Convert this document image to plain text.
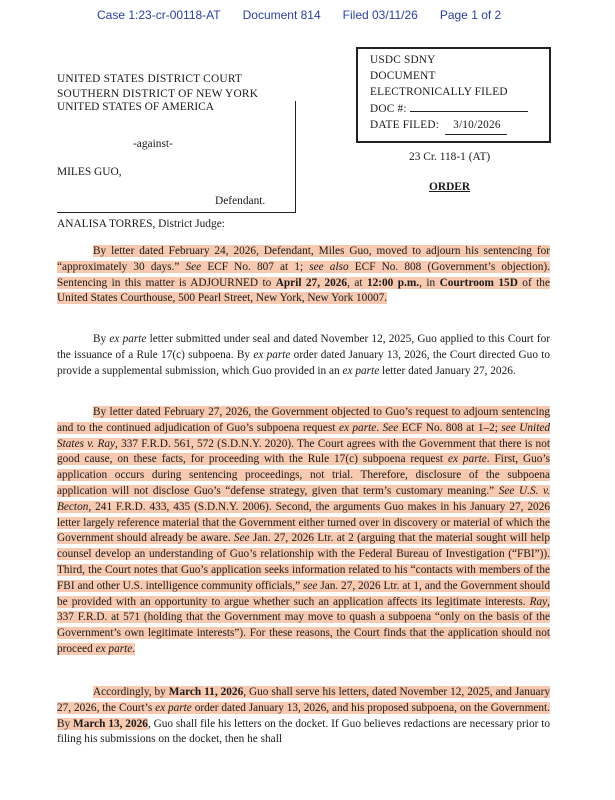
Case 1:23-cr-00118-AT Document 814 Filed 03/11/26 Page 1 of 2
USDC SDNY
DOCUMENT
ELECTRONICALLY FILED
DOC #:
DATE FILED: 3/10/2026
UNITED STATES DISTRICT COURT
SOUTHERN DISTRICT OF NEW YORK
UNITED STATES OF AMERICA
-against-
MILES GUO,
Defendant.
23 Cr. 118-1 (AT)
ORDER
ANALISA TORRES, District Judge:
By letter dated February 24, 2026, Defendant, Miles Guo, moved to adjourn his sentencing for “approximately 30 days.” See ECF No. 807 at 1; see also ECF No. 808 (Government’s objection). Sentencing in this matter is ADJOURNED to April 27, 2026, at 12:00 p.m., in Courtroom 15D of the United States Courthouse, 500 Pearl Street, New York, New York 10007.
By ex parte letter submitted under seal and dated November 12, 2025, Guo applied to this Court for the issuance of a Rule 17(c) subpoena. By ex parte order dated January 13, 2026, the Court directed Guo to provide a supplemental submission, which Guo provided in an ex parte letter dated January 27, 2026.
By letter dated February 27, 2026, the Government objected to Guo’s request to adjourn sentencing and to the continued adjudication of Guo’s subpoena request ex parte. See ECF No. 808 at 1–2; see United States v. Ray, 337 F.R.D. 561, 572 (S.D.N.Y. 2020). The Court agrees with the Government that there is not good cause, on these facts, for proceeding with the Rule 17(c) subpoena request ex parte. First, Guo’s application occurs during sentencing proceedings, not trial. Therefore, disclosure of the subpoena application will not disclose Guo’s “defense strategy, given that term’s customary meaning.” See U.S. v. Becton, 241 F.R.D. 433, 435 (S.D.N.Y. 2006). Second, the arguments Guo makes in his January 27, 2026 letter largely reference material that the Government either turned over in discovery or material of which the Government should already be aware. See Jan. 27, 2026 Ltr. at 2 (arguing that the material sought will help counsel develop an understanding of Guo’s relationship with the Federal Bureau of Investigation (“FBI”)). Third, the Court notes that Guo’s application seeks information related to his “contacts with members of the FBI and other U.S. intelligence community officials,” see Jan. 27, 2026 Ltr. at 1, and the Government should be provided with an opportunity to argue whether such an application affects its legitimate interests. Ray, 337 F.R.D. at 571 (holding that the Government may move to quash a subpoena “only on the basis of the Government’s own legitimate interests”). For these reasons, the Court finds that the application should not proceed ex parte.
Accordingly, by March 11, 2026, Guo shall serve his letters, dated November 12, 2025, and January 27, 2026, the Court’s ex parte order dated January 13, 2026, and his proposed subpoena, on the Government. By March 13, 2026, Guo shall file his letters on the docket. If Guo believes redactions are necessary prior to filing his submissions on the docket, then he shall
